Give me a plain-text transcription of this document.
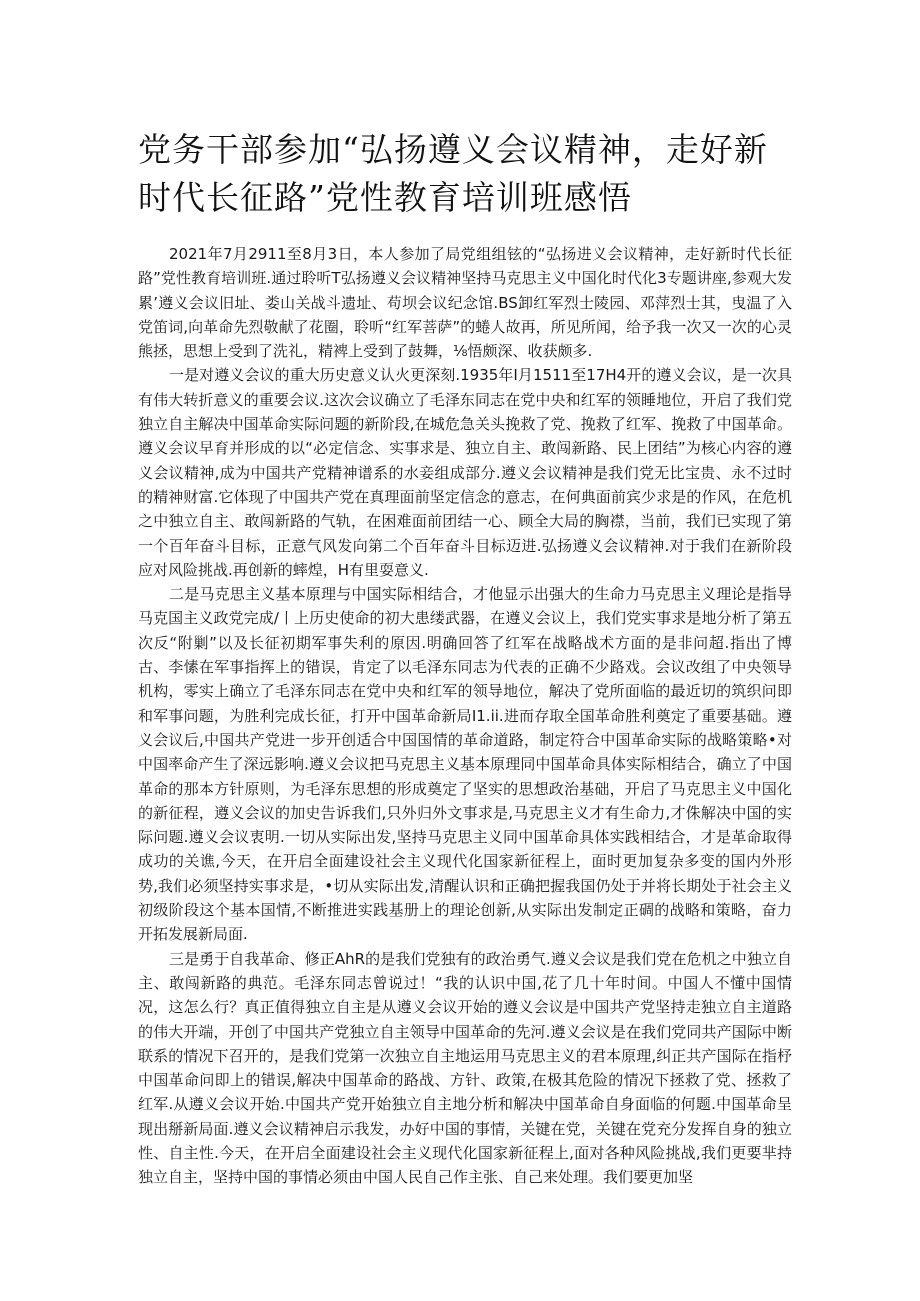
党务干部参加“弘扬遵义会议精神，走好新时代长征路”党性教育培训班感悟

2021年7月2911至8月3日，本人参加了局党组组铉的“弘扬进义会议精神，走好新时代长征路”党性教育培训班.通过聆听T弘扬遵义会议精神坚持马克思主义中国化时代化3专题讲座,参观大发累’遵义会议旧址、娄山关战斗遗址、苟坝会议纪念馆.BS卸红军烈士陵园、邓萍烈士其，曳温了入党笛词,向革命先烈敬献了花圈，聆听“红军菩萨”的蜷人故再，所见所闻，给予我一次又一次的心灵熊拯，思想上受到了洗礼，精裨上受到了鼓舞，⅛悟颇深、收获颇多.

一是对遵义会议的重大历史意义认火更深刻.1935年I月1511至17H4开的遵义会议，是一次具有伟大转折意义的重要会议.这次会议确立了毛泽东同志在党中央和红军的领睡地位，开启了我们党独立自主解决中国革命实际问题的新阶段,在城危急关头挽救了党、挽救了红军、挽救了中国革命。遵义会议早育并形成的以“必定信念、实事求是、独立自主、敢闯新路、民上团结”为核心内容的遵义会议精神,成为中国共产党精神谱系的水妾组成部分.遵义会议精神是我们党无比宝贵、永不过时的精神财富.它体现了中国共产党在真理面前坚定信念的意志，在何典面前宾少求是的作风，在危机之中独立自主、敢闯新路的气轨，在困难面前团结一心、顾全大局的胸襟，当前，我们已实现了第一个百年奋斗目标，正意气风发向第二个百年奋斗目标迈进.弘扬遵义会议精神.对于我们在新阶段应对风险挑战.再创新的蟀煌，H有里耍意义.

二是马克思主义基本原理与中国实际相结合，才他显示出强大的生命力马克思主义理论是指导马克国主义政党完成∕丨上历史使命的初大患缕武器，在遵义会议上，我们党实事求是地分析了第五次反“附剿”以及长征初期军事失利的原因.明确回答了红军在战略战术方面的是非问超.指出了博古、李愫在军事指挥上的错误，肯定了以毛泽东同志为代表的正确不少路戏。会议改组了中央领导机构，零实上确立了毛泽东同志在党中央和红军的领导地位，解决了党所面临的最近切的筑织问即和军事问题，为胜利完成长征，打开中国革命新局I1.ii.进而存取全国革命胜利奠定了重要基础。遵义会议后,中国共产党进一步开创适合中国国情的革命道路，制定符合中国革命实际的战略策略•对中国率命产生了深远影响.遵义会议把马克思主义基本原理同中国革命具体实际相结合，确立了中国革命的那本方针原则，为毛泽东思想的形成奠定了坚实的思想政治基础，开启了马克思主义中国化的新征程，遵义会议的加史告诉我们,只外归外文事求是,马克思主义才有生命力,才侏解决中国的实际问题.遵义会议衷明.一切从实际出发,坚持马克思主义同中国革命具体实践相结合，才是革命取得成功的关谯,今天，在开启全面建设社会主义现代化国家新征程上，面时更加复杂多变的国内外形势,我们必须坚持实事求是，•切从实际出发,清醒认识和正确把握我国仍处于并将长期处于社会主义初级阶段这个基本国情,不断推进实践基册上的理论创新,从实际出发制定正碉的战略和策略，奋力开拓发展新局面.

三是勇于自我革命、修正AhR的是我们党独有的政治勇气.遵义会议是我们党在危机之中独立自主、敢闯新路的典范。毛泽东同志曾说过！“我的认识中国,花了几十年时间。中国人不懂中国情况，这怎么行？真正值得独立自主是从遵义会议开始的遵义会议是中国共产党坚持走独立自主道路的伟大开端，开创了中国共产党独立自主领导中国革命的先河.遵义会议是在我们党同共产国际中断联系的情况下召开的，是我们党第一次独立自主地运用马克思主义的君本原理,纠正共产国际在指杼中国革命问即上的错误,解决中国革命的路战、方针、政策,在极其危险的情况下拯救了党、拯救了红军.从遵义会议开始.中国共产党开始独立自主地分析和解决中国革命自身面临的何题.中国革命呈现出掰新局面.遵义会议精神启示我发，办好中国的事情，关键在党，关键在党充分发挥自身的独立性、自主性.今天，在开启全面建设社会主义现代化国家新征程上,面对各种风险挑战,我们更要芈持独立自主，坚持中国的事情必须由中国人民自己作主张、自己来处理。我们要更加坚
